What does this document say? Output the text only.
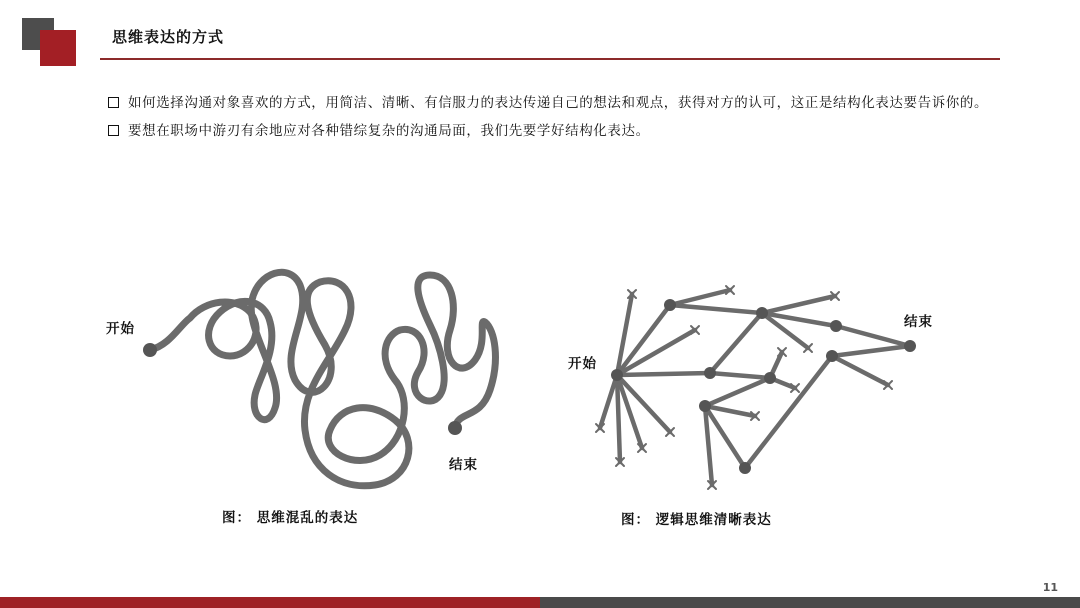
思维表达的方式
如何选择沟通对象喜欢的方式，用简洁、清晰、有信服力的表达传递自己的想法和观点，获得对方的认可，这正是结构化表达要告诉你的。
要想在职场中游刃有余地应对各种错综复杂的沟通局面，我们先要学好结构化表达。
开始
结束
图： 思维混乱的表达
开始
结束
图： 逻辑思维清晰表达
11
